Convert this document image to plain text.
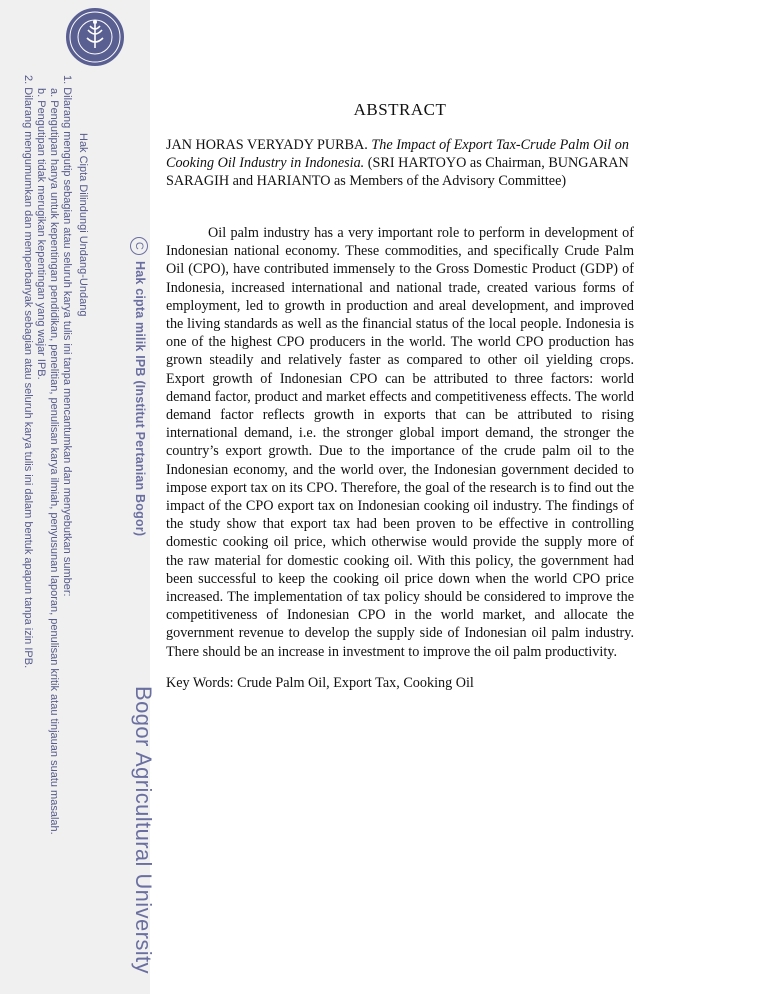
CHak cipta milik IPB (Institut Pertanian Bogor)
Bogor Agricultural University
Hak Cipta Dilindungi Undang-Undang
1. Dilarang mengutip sebagian atau seluruh karya tulis ini tanpa mencantumkan dan menyebutkan sumber:
a. Pengutipan hanya untuk kepentingan pendidikan, penelitian, penulisan karya ilmiah, penyusunan laporan, penulisan kritik atau tinjauan suatu masalah.
b. Pengutipan tidak merugikan kepentingan yang wajar IPB.
2. Dilarang mengumumkan dan memperbanyak sebagian atau seluruh karya tulis ini dalam bentuk apapun tanpa izin IPB.	ABSTRACT

JAN HORAS VERYADY PURBA. The Impact of Export Tax-Crude Palm Oil on Cooking Oil Industry in Indonesia. (SRI HARTOYO as Chairman, BUNGARAN SARAGIH and HARIANTO as Members of the Advisory Committee)

Oil palm industry has a very important role to perform in development of Indonesian national economy. These commodities, and specifically Crude Palm Oil (CPO), have contributed immensely to the Gross Domestic Product (GDP) of Indonesia, increased international and national trade, created various forms of employment, led to growth in production and areal development, and improved the living standards as well as the financial status of the local people. Indonesia is one of the highest CPO producers in the world. The world CPO production has grown steadily and relatively faster as compared to other oil yielding crops. Export growth of Indonesian CPO can be attributed to three factors: world demand factor, product and market effects and competitiveness effects. The world demand factor reflects growth in exports that can be attributed to rising international demand, i.e. the stronger global import demand, the stronger the country’s export growth. Due to the importance of the crude palm oil to the Indonesian economy, and the world over, the Indonesian government decided to impose export tax on its CPO. Therefore, the goal of the research is to find out the impact of the CPO export tax on Indonesian cooking oil industry. The findings of the study show that export tax had been proven to be effective in controlling domestic cooking oil price, which otherwise would provide the supply more of the raw material for domestic cooking oil. With this policy, the government had been successful to keep the cooking oil price down when the world CPO price increased. The implementation of tax policy should be considered to improve the competitiveness of Indonesian CPO in the world market, and allocate the government revenue to develop the supply side of Indonesian oil palm industry. There should be an increase in investment to improve the oil palm productivity.

Key Words: Crude Palm Oil, Export Tax, Cooking Oil
